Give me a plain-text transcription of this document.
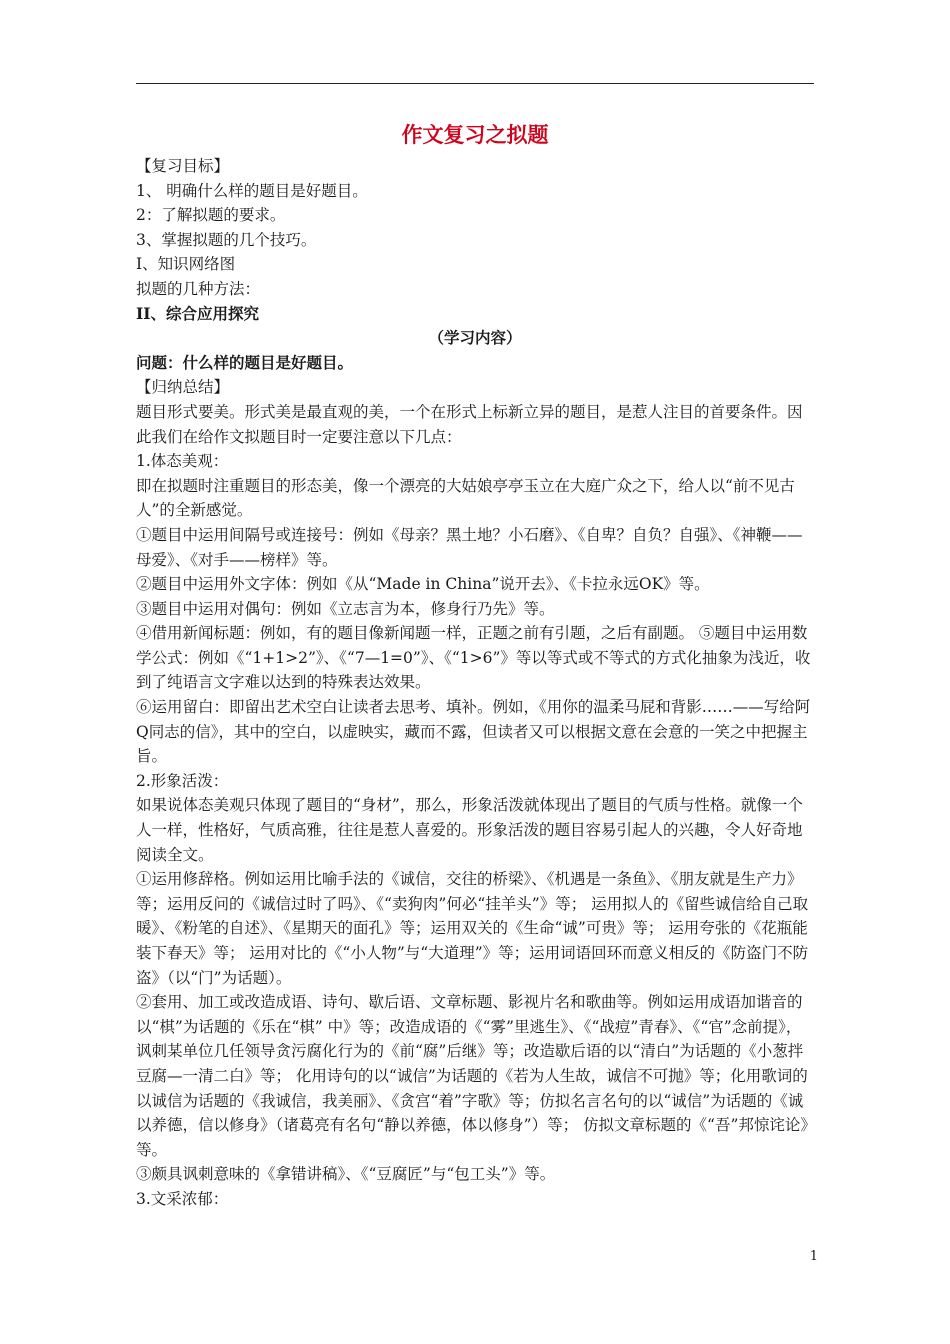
作文复习之拟题

【复习目标】

1、 明确什么样的题目是好题目。

2：了解拟题的要求。

3、掌握拟题的几个技巧。

I、知识网络图

拟题的几种方法：

II、综合应用探究

（学习内容）

问题：什么样的题目是好题目。

【归纳总结】

题目形式要美。形式美是最直观的美，一个在形式上标新立异的题目，是惹人注目的首要条件。因此我们在给作文拟题目时一定要注意以下几点：

1.体态美观：

即在拟题时注重题目的形态美，像一个漂亮的大姑娘亭亭玉立在大庭广众之下，给人以“前不见古人”的全新感觉。

①题目中运用间隔号或连接号：例如《母亲？黑土地？小石磨》、《自卑？自负？自强》、《神鞭——母爱》、《对手——榜样》等。

②题目中运用外文字体：例如《从“Made in China”说开去》、《卡拉永远OK》等。

③题目中运用对偶句：例如《立志言为本，修身行乃先》等。

④借用新闻标题：例如，有的题目像新闻题一样，正题之前有引题，之后有副题。 ⑤题目中运用数学公式：例如《“1+1>2”》、《“7—1=0”》、《“1>6”》等以等式或不等式的方式化抽象为浅近，收到了纯语言文字难以达到的特殊表达效果。

⑥运用留白：即留出艺术空白让读者去思考、填补。例如，《用你的温柔马屁和背影……——写给阿Q同志的信》，其中的空白，以虚映实，藏而不露，但读者又可以根据文意在会意的一笑之中把握主旨。

2.形象活泼：

如果说体态美观只体现了题目的“身材”，那么，形象活泼就体现出了题目的气质与性格。就像一个人一样，性格好，气质高雅，往往是惹人喜爱的。形象活泼的题目容易引起人的兴趣，令人好奇地阅读全文。

①运用修辞格。例如运用比喻手法的《诚信，交往的桥梁》、《机遇是一条鱼》、《朋友就是生产力》等；运用反问的《诚信过时了吗》、《“卖狗肉”何必“挂羊头”》等； 运用拟人的《留些诚信给自己取暖》、《粉笔的自述》、《星期天的面孔》等；运用双关的《生命“诚”可贵》等； 运用夸张的《花瓶能装下春天》等； 运用对比的《“小人物”与“大道理”》等；运用词语回环而意义相反的《防盗门不防盗》（以“门”为话题）。

②套用、加工或改造成语、诗句、歇后语、文章标题、影视片名和歌曲等。例如运用成语加谐音的以“棋”为话题的《乐在“棋” 中》等；改造成语的《“雾”里逃生》、《“战痘”青春》、《“官”念前提》，讽刺某单位几任领导贪污腐化行为的《前“腐”后继》等；改造歇后语的以“清白”为话题的《小葱拌豆腐—一清二白》等； 化用诗句的以“诚信”为话题的《若为人生故，诚信不可抛》等；化用歌词的以诚信为话题的《我诚信，我美丽》、《贪宫“着”字歌》等；仿拟名言名句的以“诚信”为话题的《诚以养德，信以修身》（诸葛亮有名句“静以养德，体以修身”）等； 仿拟文章标题的《“吾”邦惊诧论》等。

③颇具讽刺意味的《拿错讲稿》、《“豆腐匠”与“包工头”》等。

3.文采浓郁：

1
